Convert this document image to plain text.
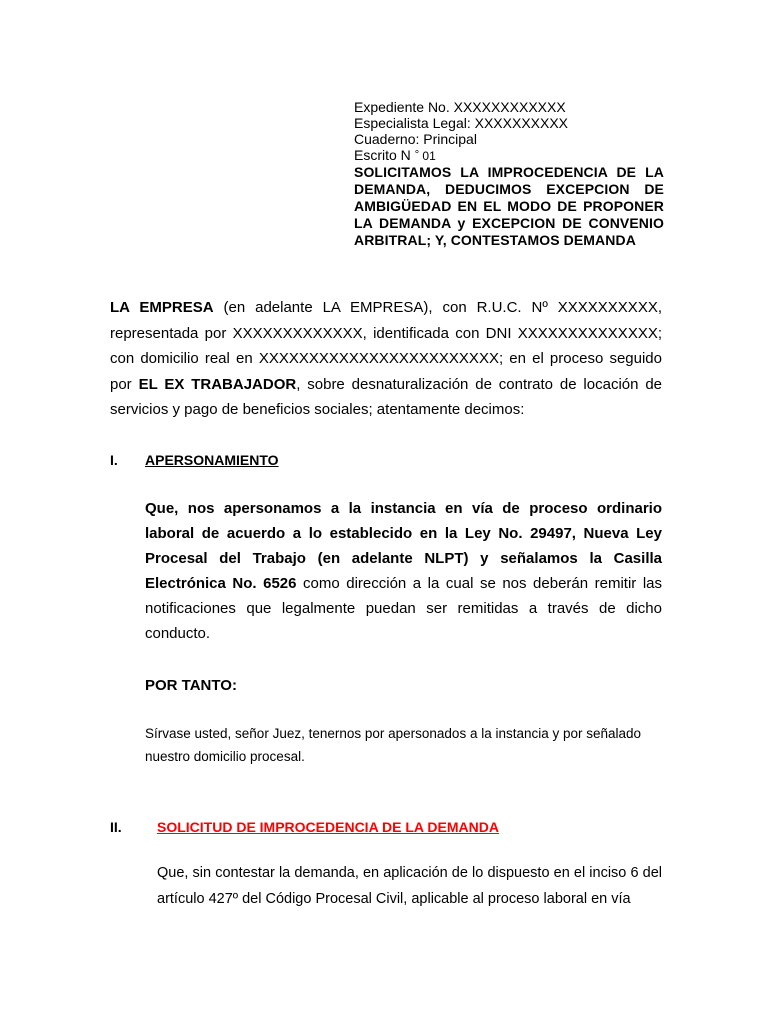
Expediente No. XXXXXXXXXXXX
Especialista Legal: XXXXXXXXXX
Cuaderno: Principal
Escrito N ° 01
SOLICITAMOS LA IMPROCEDENCIA DE LA DEMANDA, DEDUCIMOS EXCEPCION DE AMBIGÜEDAD EN EL MODO DE PROPONER LA DEMANDA y EXCEPCION DE CONVENIO ARBITRAL; Y, CONTESTAMOS DEMANDA
LA EMPRESA (en adelante LA EMPRESA), con R.U.C. Nº XXXXXXXXXX, representada por XXXXXXXXXXXXX, identificada con DNI XXXXXXXXXXXXXX; con domicilio real en XXXXXXXXXXXXXXXXXXXXXXXX; en el proceso seguido por EL EX TRABAJADOR, sobre desnaturalización de contrato de locación de servicios y pago de beneficios sociales; atentamente decimos:
I. APERSONAMIENTO
Que, nos apersonamos a la instancia en vía de proceso ordinario laboral de acuerdo a lo establecido en la Ley No. 29497, Nueva Ley Procesal del Trabajo (en adelante NLPT) y señalamos la Casilla Electrónica No. 6526 como dirección a la cual se nos deberán remitir las notificaciones que legalmente puedan ser remitidas a través de dicho conducto.
POR TANTO:
Sírvase usted, señor Juez, tenernos por apersonados a la instancia y por señalado nuestro domicilio procesal.
II.	SOLICITUD DE IMPROCEDENCIA DE LA DEMANDA
Que, sin contestar la demanda, en aplicación de lo dispuesto en el inciso 6 del artículo 427º del Código Procesal Civil, aplicable al proceso laboral en vía
